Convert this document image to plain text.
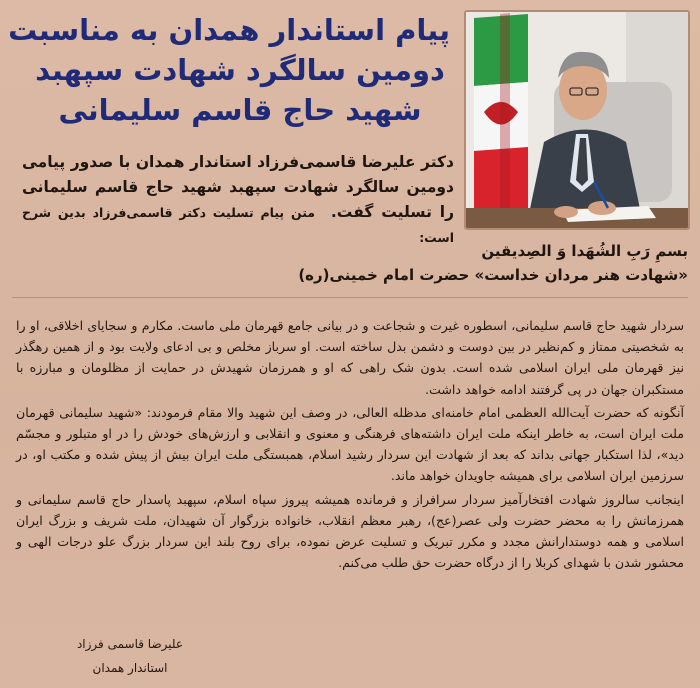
پیام استاندار همدان به مناسبت
دومین سالگرد شهادت سپهبد
شهید حاج قاسم سلیمانی
دکتر علیرضا قاسمی‌فرزاد استاندار همدان با صدور پیامی دومین سالگرد شهادت سپهبد شهید حاج قاسم سلیمانی را تسلیت گفت. متن پیام تسلیت دکتر قاسمی‌فرزاد بدین شرح است:
بسمِ رَبِ الشُهَدا وَ الصِدیقین
«شهادت هنر مردان خداست» حضرت امام خمینی(ره)

سردار شهید حاج قاسم سلیمانی، اسطوره غیرت و شجاعت و در بیانی جامع قهرمان ملی ماست. مکارم و سجایای اخلاقی، او را به شخصیتی ممتاز و کم‌نظیر در بین دوست و دشمن بدل ساخته است. او سرباز مخلص و بی ادعای ولایت بود و از همین رهگذر نیز قهرمان ملی ایران اسلامی شده است. بدون شک راهی که او و همرزمان شهیدش در حمایت از مظلومان و مبارزه با مستکبران جهان در پی گرفتند ادامه خواهد داشت.

آنگونه که حضرت آیت‌الله العظمی امام خامنه‌ای مدظله العالی، در وصف این شهید والا مقام فرمودند: «شهید سلیمانی قهرمان ملت ایران است، به خاطر اینکه ملت ایران داشته‌های فرهنگی و معنوی و انقلابی و ارزش‌های خودش را در او متبلور و مجسّم دید»، لذا استکبار جهانی بداند که بعد از شهادت این سردار رشید اسلام، همبستگی ملت ایران بیش از پیش شده و مکتب او، در سرزمین ایران اسلامی برای همیشه جاویدان خواهد ماند.

اینجانب سالروز شهادت افتخارآمیز سردار سرافراز و فرمانده همیشه پیروز سپاه اسلام، سپهبد پاسدار حاج قاسم سلیمانی و همرزمانش را به محضر حضرت ولی عصر(عج)، رهبر معظم انقلاب، خانواده بزرگوار آن شهیدان، ملت شریف و بزرگ ایران اسلامی و همه دوستدارانش مجدد و مکرر تبریک و تسلیت عرض نموده، برای روح بلند این سردار بزرگ علو درجات الهی و محشور شدن با شهدای کربلا را از درگاه حضرت حق طلب می‌کنم.

علیرضا قاسمی فرزاد
استاندار همدان
